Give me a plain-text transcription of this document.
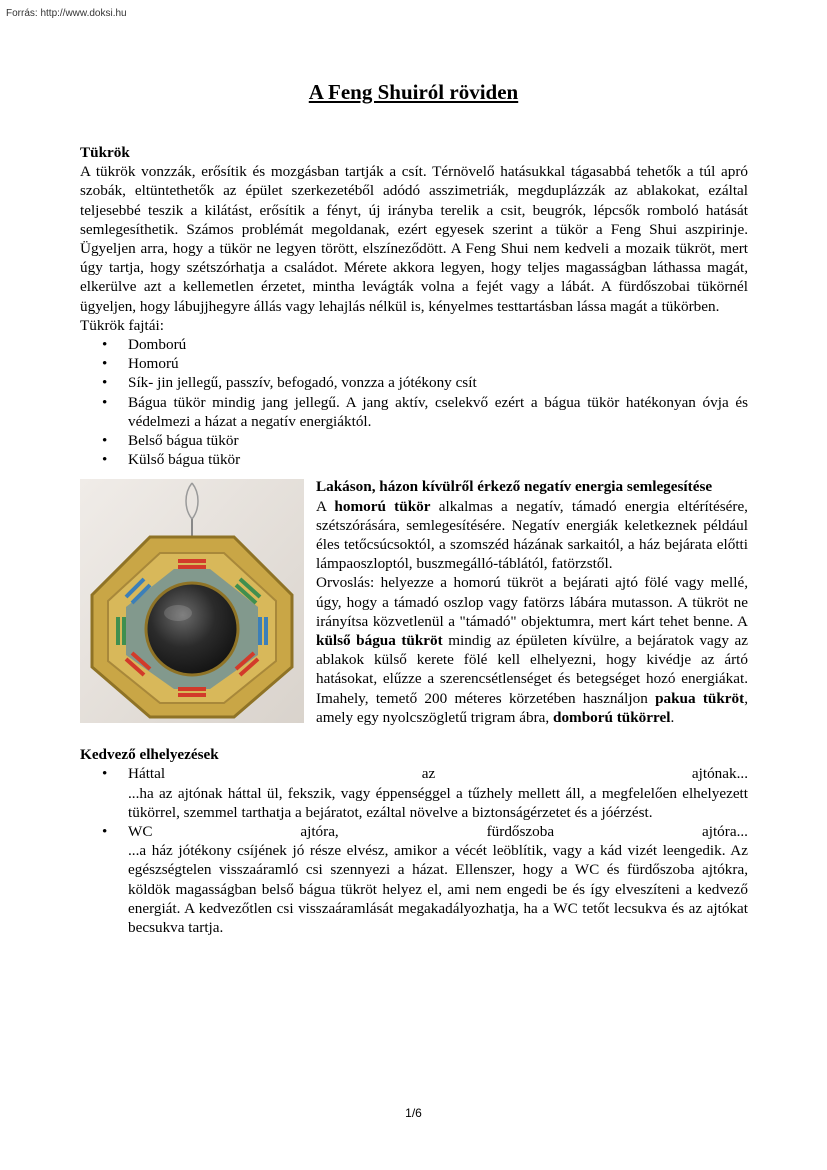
Forrás: http://www.doksi.hu
A Feng Shuiról röviden

Tükrök

A tükrök vonzzák, erősítik és mozgásban tartják a csít. Térnövelő hatásukkal tágasabbá tehetők a túl apró szobák, eltüntethetők az épület szerkezetéből adódó asszimetriák, megduplázzák az ablakokat, ezáltal teljesebbé teszik a kilátást, erősítik a fényt, új irányba terelik a csit, beugrók, lépcsők romboló hatását semlegesíthetik. Számos problémát megoldanak, ezért egyesek szerint a tükör a Feng Shui aszpirinje. Ügyeljen arra, hogy a tükör ne legyen törött, elszíneződött. A Feng Shui nem kedveli a mozaik tükröt, mert úgy tartja, hogy szétszórhatja a családot. Mérete akkora legyen, hogy teljes magasságban láthassa magát, elkerülve azt a kellemetlen érzetet, mintha levágták volna a fejét vagy a lábát. A fürdőszobai tükörnél ügyeljen, hogy lábujjhegyre állás vagy lehajlás nélkül is, kényelmes testtartásban lássa magát a tükörben.

Tükrök fajtái:

• Domború
• Homorú
• Sík- jin jellegű, passzív, befogadó, vonzza a jótékony csít
• Bágua tükör mindig jang jellegű. A jang aktív, cselekvő ezért a bágua tükör hatékonyan óvja és védelmezi a házat a negatív energiáktól.
• Belső bágua tükör
• Külső bágua tükör

Lakáson, házon kívülről érkező negatív energia semlegesítése

A homorú tükör alkalmas a negatív, támadó energia eltérítésére, szétszórására, semlegesítésére. Negatív energiák keletkeznek például éles tetőcsúcsoktól, a szomszéd házának sarkaitól, a ház bejárata előtti lámpaoszloptól, buszmegálló-táblától, fatörzstől.

Orvoslás: helyezze a homorú tükröt a bejárati ajtó fölé vagy mellé, úgy, hogy a támadó oszlop vagy fatörzs lábára mutasson. A tükröt ne irányítsa közvetlenül a "támadó" objektumra, mert kárt tehet benne. A külső bágua tükröt mindig az épületen kívülre, a bejáratok vagy az ablakok külső kerete fölé kell elhelyezni, hogy kivédje az ártó hatásokat, elűzze a szerencsétlenséget és betegséget hozó energiákat. Imahely, temető 200 méteres körzetében használjon pakua tükröt, amely egy nyolcszögletű trigram ábra, domború tükörrel.

Kedvező elhelyezések

• Háttal	az	ajtónak...

...ha az ajtónak háttal ül, fekszik, vagy éppenséggel a tűzhely mellett áll, a megfelelően elhelyezett tükörrel, szemmel tarthatja a bejáratot, ezáltal növelve a biztonságérzetet és a jóérzést.

• WC	ajtóra,	fürdőszoba	ajtóra...

...a ház jótékony csíjének jó része elvész, amikor a vécét leöblítik, vagy a kád vizét leengedik. Az egészségtelen visszaáramló csi szennyezi a házat. Ellenszer, hogy a WC és fürdőszoba ajtókra, köldök magasságban belső bágua tükröt helyez el, ami nem engedi be és így elveszíteni a kedvező energiát. A kedvezőtlen csi visszaáramlását megakadályozhatja, ha a WC tetőt lecsukva és az ajtókat becsukva tartja.

1/6
